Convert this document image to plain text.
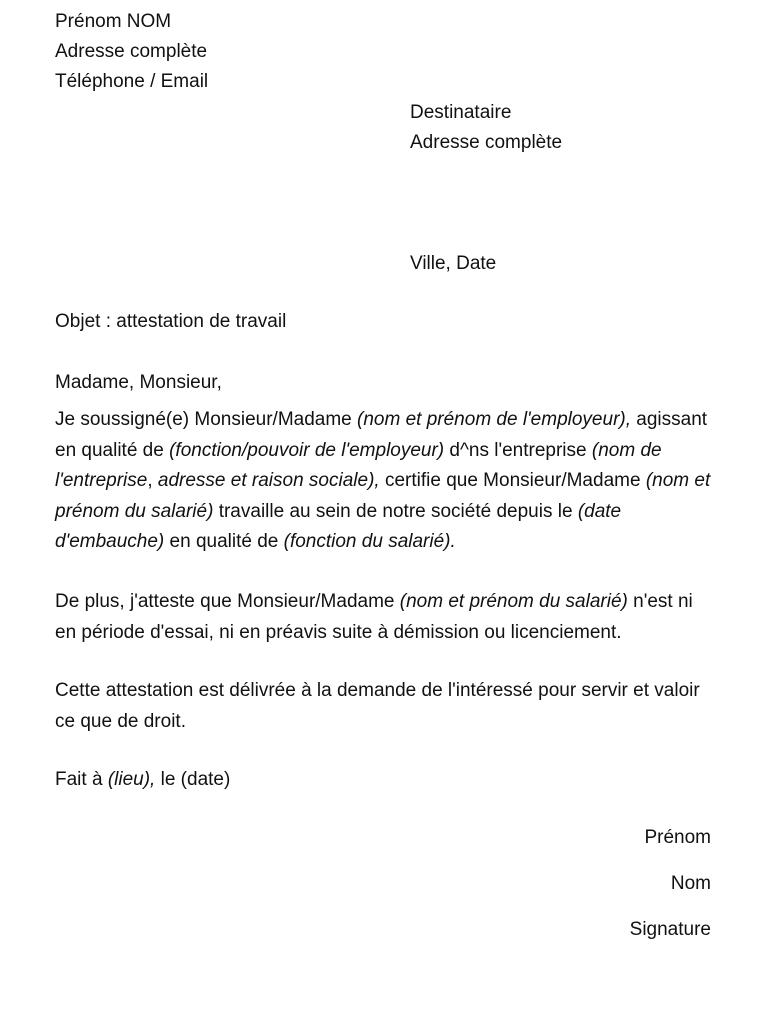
Prénom NOM
Adresse complète
Téléphone / Email
Destinataire
Adresse complète
Ville, Date
Objet : attestation de travail
Madame, Monsieur,
Je soussigné(e) Monsieur/Madame (nom et prénom de l'employeur), agissant en qualité de (fonction/pouvoir de l'employeur) d^ns l'entreprise (nom de l'entreprise, adresse et raison sociale), certifie que Monsieur/Madame (nom et prénom du salarié) travaille au sein de notre société depuis le (date d'embauche) en qualité de (fonction du salarié).
De plus, j'atteste que Monsieur/Madame (nom et prénom du salarié) n'est ni en période d'essai, ni en préavis suite à démission ou licenciement.
Cette attestation est délivrée à la demande de l'intéressé pour servir et valoir ce que de droit.
Fait à (lieu), le (date)
Prénom
Nom
Signature
